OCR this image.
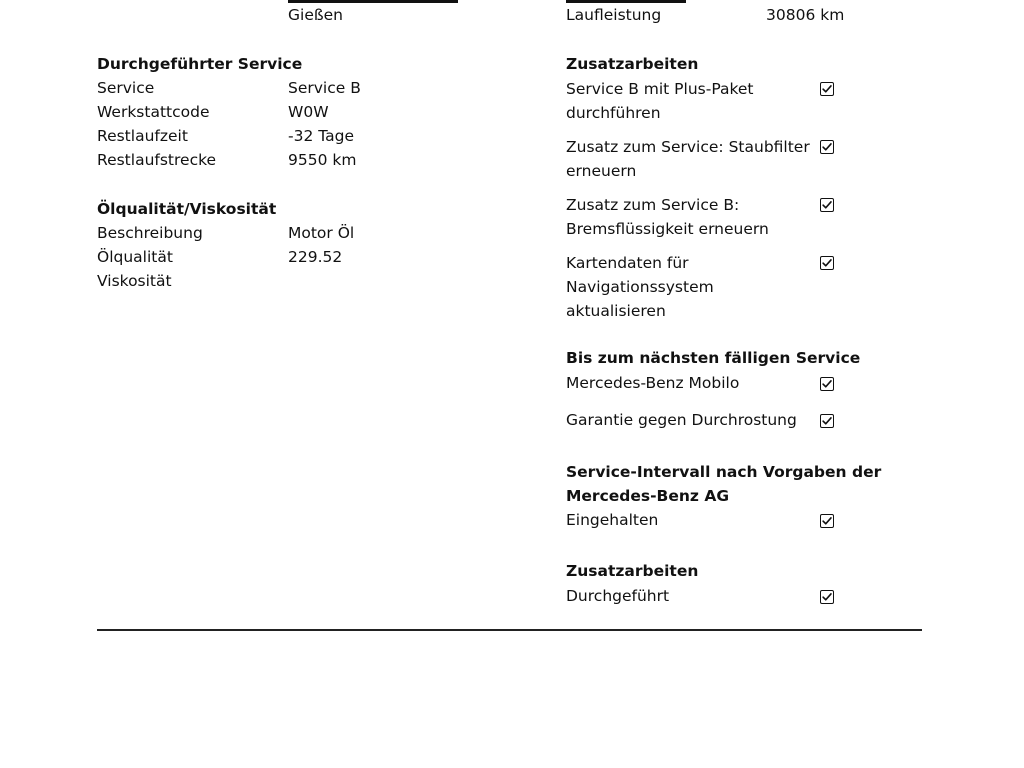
Gießen	Laufleistung	30806 km
Durchgeführter Service
Service	Service B
Werkstattcode	W0W
Restlaufzeit	-32 Tage
Restlaufstrecke	9550 km
Ölqualität/Viskosität
Beschreibung	Motor Öl
Ölqualität	229.52
Viskosität
Zusatzarbeiten
Service B mit Plus-Paket
durchführen
Zusatz zum Service: Staubfilter
erneuern
Zusatz zum Service B:
Bremsflüssigkeit erneuern
Kartendaten für
Navigationssystem
aktualisieren
Bis zum nächsten fälligen Service
Mercedes-Benz Mobilo
Garantie gegen Durchrostung
Service-Intervall nach Vorgaben der
Mercedes-Benz AG
Eingehalten
Zusatzarbeiten
Durchgeführt
